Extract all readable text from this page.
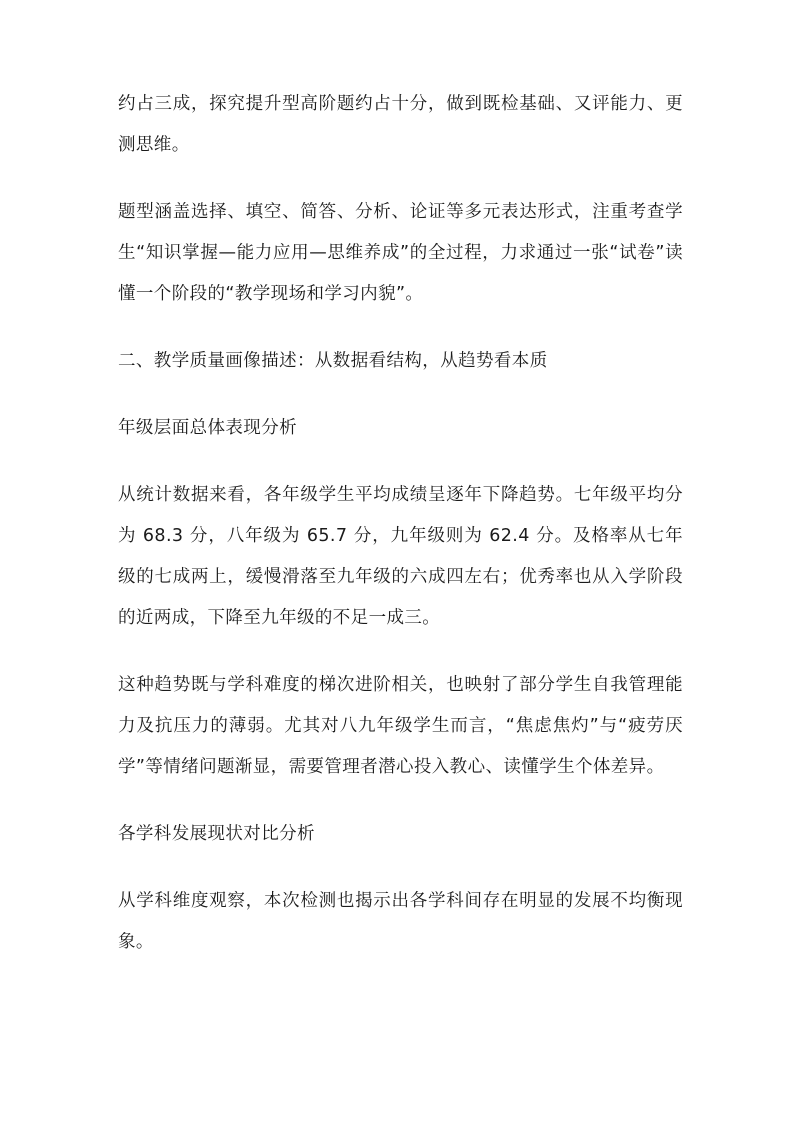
约占三成，探究提升型高阶题约占十分，做到既检基础、又评能力、更测思维。

题型涵盖选择、填空、简答、分析、论证等多元表达形式，注重考查学生“知识掌握—能力应用—思维养成”的全过程，力求通过一张“试卷”读懂一个阶段的“教学现场和学习内貌”。

二、教学质量画像描述：从数据看结构，从趋势看本质

年级层面总体表现分析

从统计数据来看，各年级学生平均成绩呈逐年下降趋势。七年级平均分为 68.3 分，八年级为 65.7 分，九年级则为 62.4 分。及格率从七年级的七成两上，缓慢滑落至九年级的六成四左右；优秀率也从入学阶段的近两成，下降至九年级的不足一成三。

这种趋势既与学科难度的梯次进阶相关，也映射了部分学生自我管理能力及抗压力的薄弱。尤其对八九年级学生而言，“焦虑焦灼”与“疲劳厌学”等情绪问题渐显，需要管理者潜心投入教心、读懂学生个体差异。

各学科发展现状对比分析

从学科维度观察，本次检测也揭示出各学科间存在明显的发展不均衡现象。
